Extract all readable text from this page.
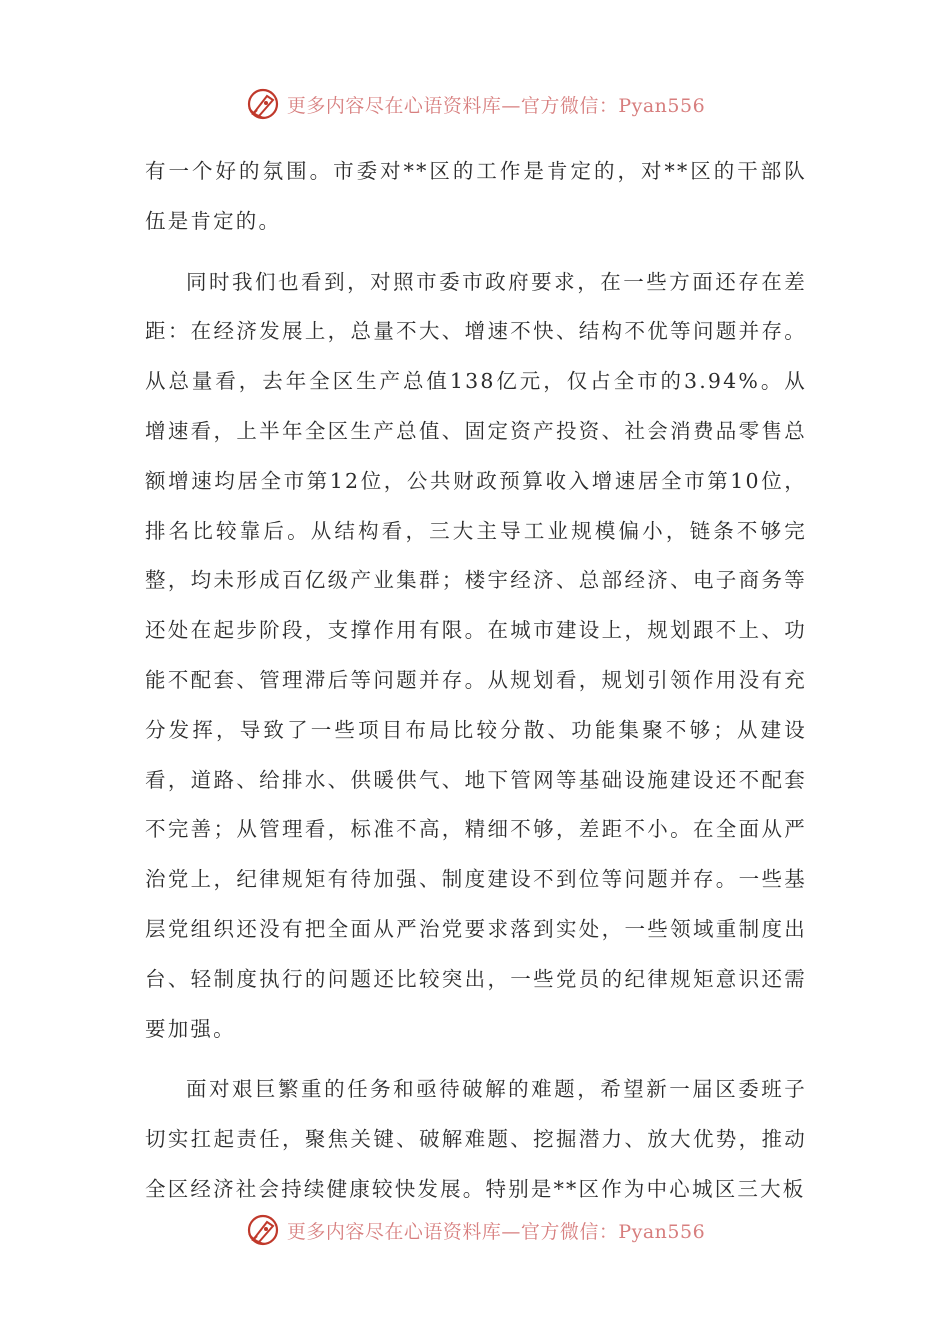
更多内容尽在心语资料库—官方微信：Pyan556

有一个好的氛围。市委对**区的工作是肯定的，对**区的干部队伍是肯定的。

同时我们也看到，对照市委市政府要求，在一些方面还存在差距：在经济发展上，总量不大、增速不快、结构不优等问题并存。从总量看，去年全区生产总值138亿元，仅占全市的3.94%。从增速看，上半年全区生产总值、固定资产投资、社会消费品零售总额增速均居全市第12位，公共财政预算收入增速居全市第10位，排名比较靠后。从结构看，三大主导工业规模偏小，链条不够完整，均未形成百亿级产业集群；楼宇经济、总部经济、电子商务等还处在起步阶段，支撑作用有限。在城市建设上，规划跟不上、功能不配套、管理滞后等问题并存。从规划看，规划引领作用没有充分发挥，导致了一些项目布局比较分散、功能集聚不够；从建设看，道路、给排水、供暖供气、地下管网等基础设施建设还不配套不完善；从管理看，标准不高，精细不够，差距不小。在全面从严治党上，纪律规矩有待加强、制度建设不到位等问题并存。一些基层党组织还没有把全面从严治党要求落到实处，一些领域重制度出台、轻制度执行的问题还比较突出，一些党员的纪律规矩意识还需要加强。

面对艰巨繁重的任务和亟待破解的难题，希望新一届区委班子切实扛起责任，聚焦关键、破解难题、挖掘潜力、放大优势，推动全区经济社会持续健康较快发展。特别是**区作为中心城区三大板

更多内容尽在心语资料库—官方微信：Pyan556
